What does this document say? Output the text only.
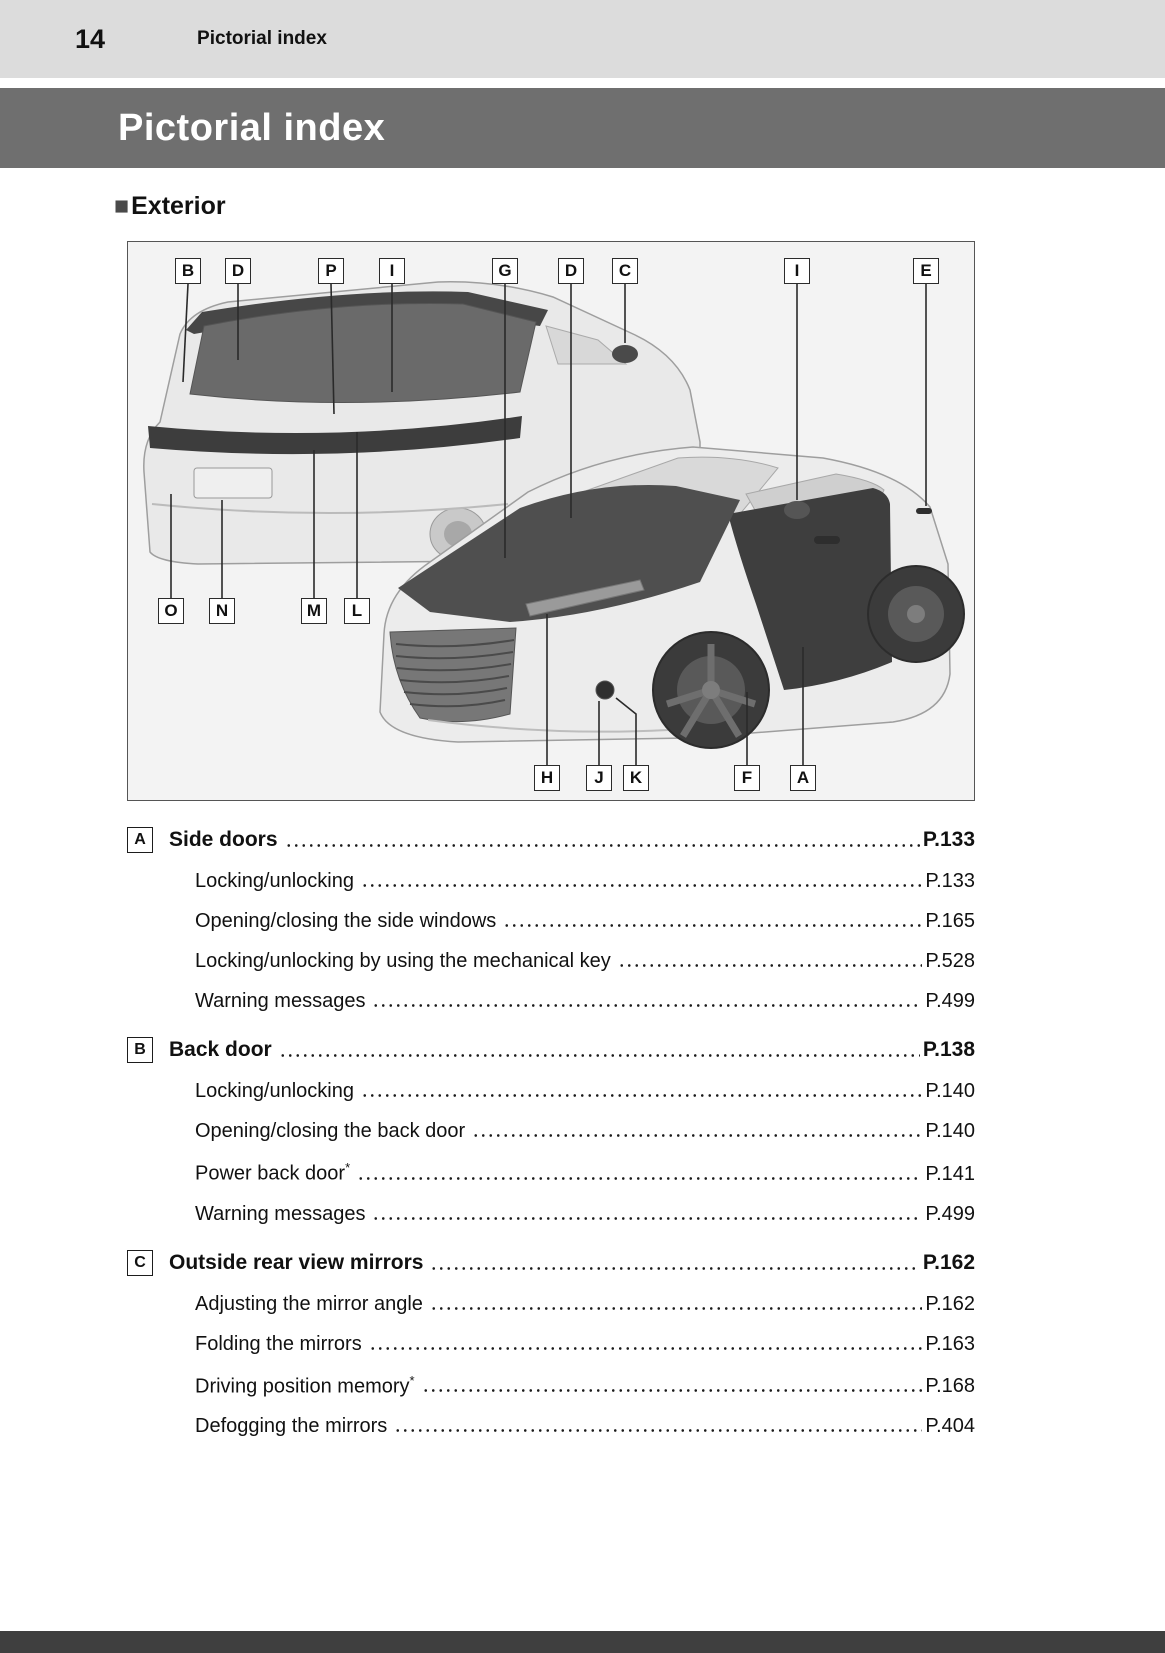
14	Pictorial index
Pictorial index
■Exterior
B	D	P	I	G	D	C	I	E
O	N	M	L
H	J	K	F	A
A	Side doors	P.133
Locking/unlocking	P.133
Opening/closing the side windows	P.165
Locking/unlocking by using the mechanical key	P.528
Warning messages	P.499
B	Back door	P.138
Locking/unlocking	P.140
Opening/closing the back door	P.140
Power back door*	P.141
Warning messages	P.499
C	Outside rear view mirrors	P.162
Adjusting the mirror angle	P.162
Folding the mirrors	P.163
Driving position memory*	P.168
Defogging the mirrors	P.404
